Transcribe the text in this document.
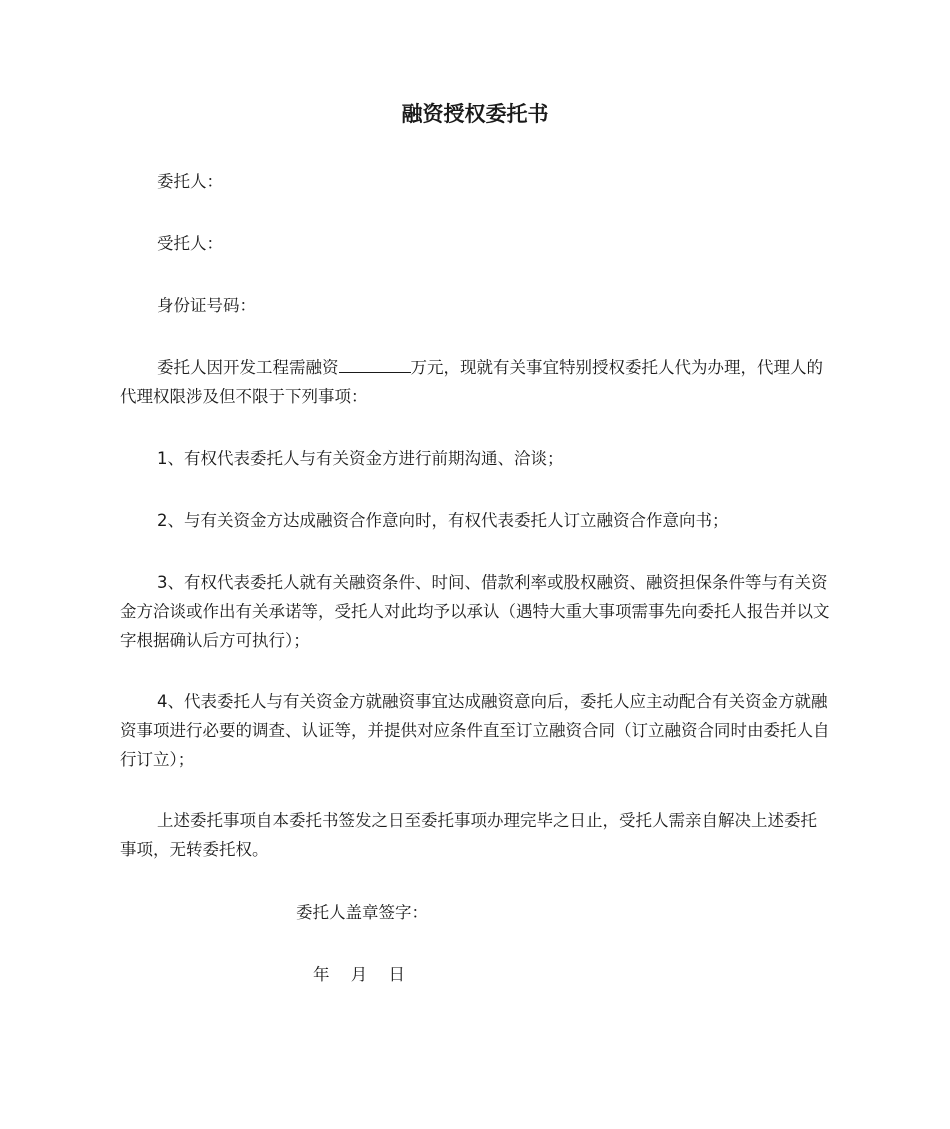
融资授权委托书

委托人：

受托人：

身份证号码：

委托人因开发工程需融资	万元，现就有关事宜特别授权委托人代为办理，代理人的代理权限涉及但不限于下列事项：

1、有权代表委托人与有关资金方进行前期沟通、洽谈；

2、与有关资金方达成融资合作意向时，有权代表委托人订立融资合作意向书；

3、有权代表委托人就有关融资条件、时间、借款利率或股权融资、融资担保条件等与有关资金方洽谈或作出有关承诺等，受托人对此均予以承认（遇特大重大事项需事先向委托人报告并以文字根据确认后方可执行）；

4、代表委托人与有关资金方就融资事宜达成融资意向后，委托人应主动配合有关资金方就融资事项进行必要的调查、认证等，并提供对应条件直至订立融资合同（订立融资合同时由委托人自行订立）；

上述委托事项自本委托书签发之日至委托事项办理完毕之日止，受托人需亲自解决上述委托事项，无转委托权。

委托人盖章签字：
年 月 日
